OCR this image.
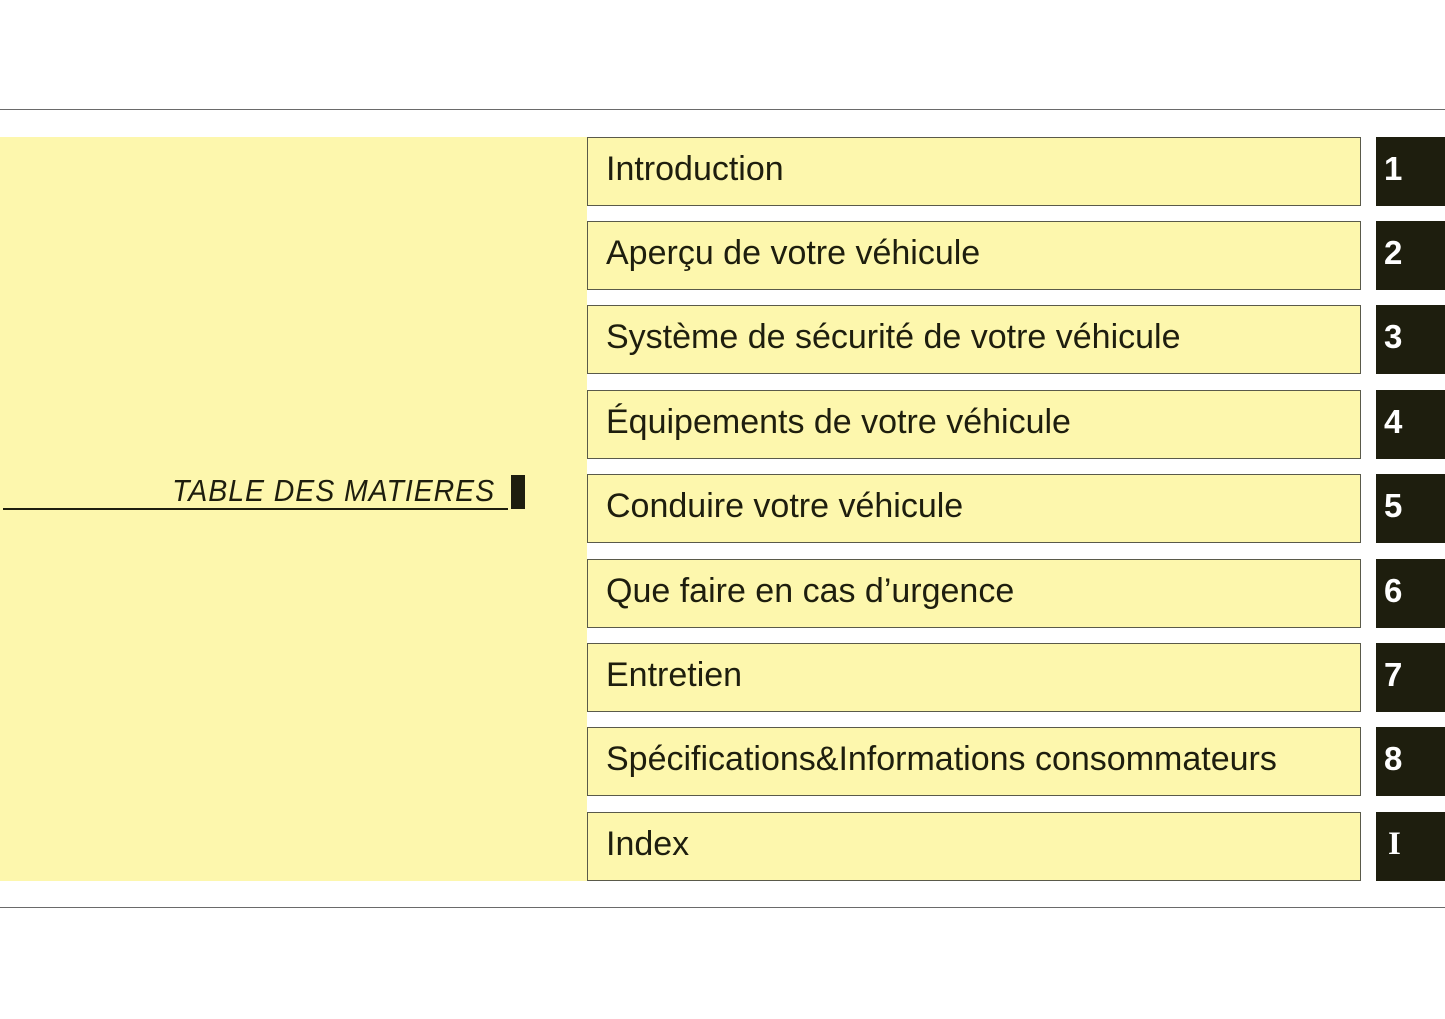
TABLE DES MATIERES
Introduction	1
Aperçu de votre véhicule	2
Système de sécurité de votre véhicule	3
Équipements de votre véhicule	4
Conduire votre véhicule	5
Que faire en cas d’urgence	6
Entretien	7
Spécifications&Informations consommateurs	8
Index	I
